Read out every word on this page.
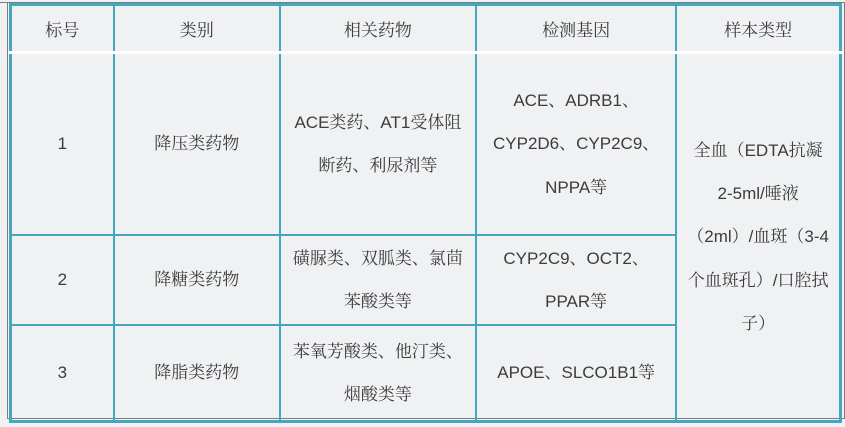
标号	类别	相关药物	检测基因	样本类型
1	降压类药物	ACE类药、AT1受体阻断药、利尿剂等	ACE、ADRB1、CYP2D6、CYP2C9、NPPA等	全血（EDTA抗凝2-5ml/唾液（2ml）/血斑（3-4个血斑孔）/口腔拭子）
2	降糖类药物	磺脲类、双胍类、氯茴苯酸类等	CYP2C9、OCT2、PPAR等	
3	降脂类药物	苯氧芳酸类、他汀类、烟酸类等	APOE、SLCO1B1等	
